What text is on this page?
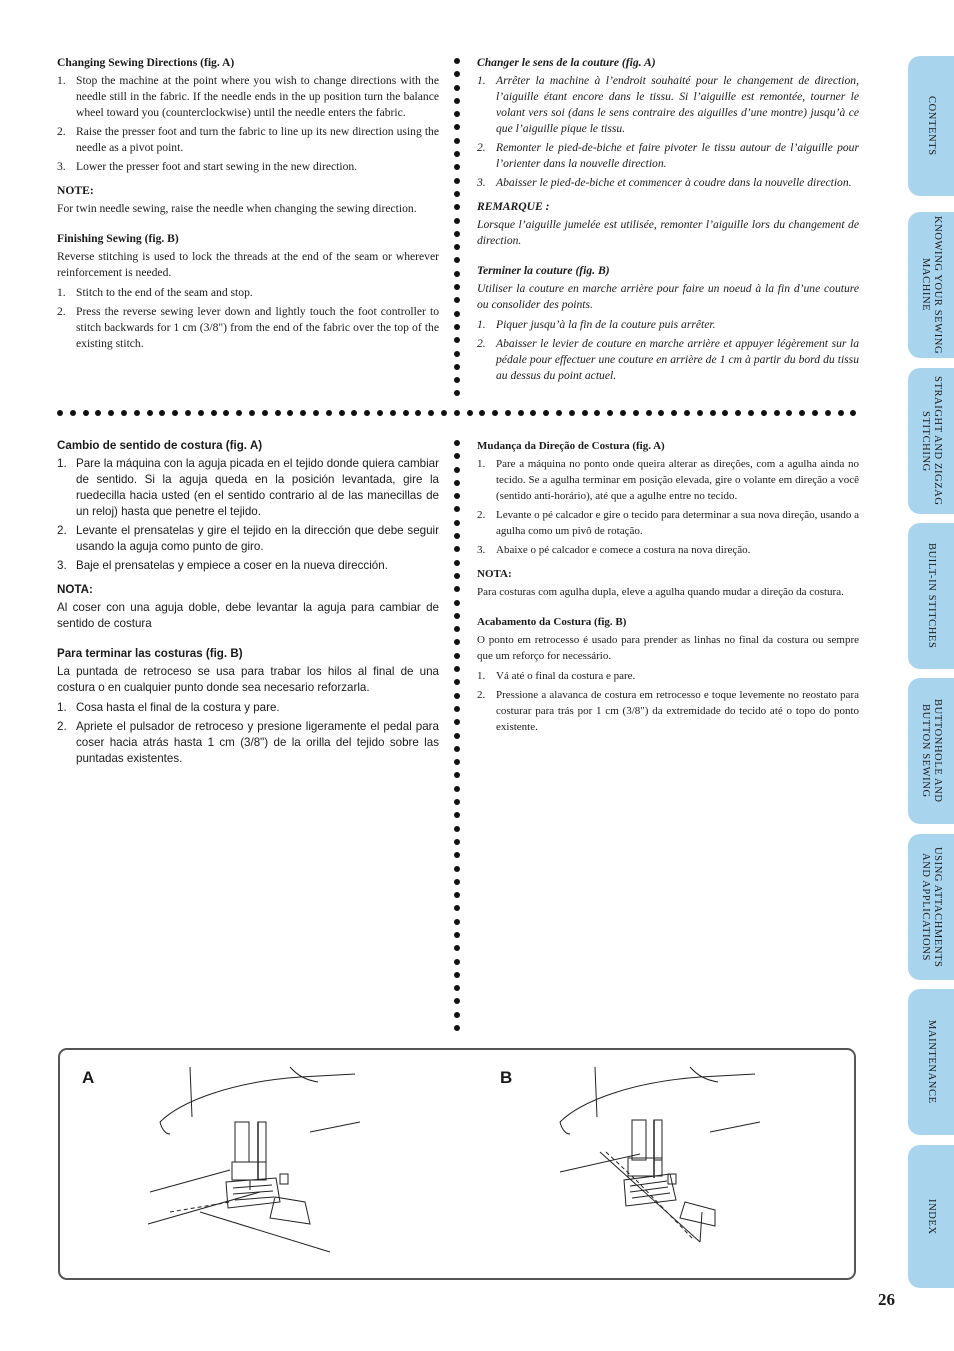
Changing Sewing Directions (fig. A)
1. Stop the machine at the point where you wish to change directions with the needle still in the fabric. If the needle ends in the up position turn the balance wheel toward you (counterclockwise) until the needle enters the fabric.
2. Raise the presser foot and turn the fabric to line up its new direction using the needle as a pivot point.
3. Lower the presser foot and start sewing in the new direction.
NOTE:

For twin needle sewing, raise the needle when changing the sewing direction.

Finishing Sewing (fig. B)

Reverse stitching is used to lock the threads at the end of the seam or wherever reinforcement is needed.

1. Stitch to the end of the seam and stop.
2. Press the reverse sewing lever down and lightly touch the foot controller to stitch backwards for 1 cm (3/8") from the end of the fabric over the top of the existing stitch.
Changer le sens de la couture (fig. A)
1. Arrêter la machine à l’endroit souhaité pour le changement de direction, l’aiguille étant encore dans le tissu. Si l’aiguille est remontée, tourner le volant vers soi (dans le sens contraire des aiguilles d’une montre) jusqu’à ce que l’aiguille pique le tissu.
2. Remonter le pied-de-biche et faire pivoter le tissu autour de l’aiguille pour l’orienter dans la nouvelle direction.
3. Abaisser le pied-de-biche et commencer à coudre dans la nouvelle direction.
REMARQUE :

Lorsque l’aiguille jumelée est utilisée, remonter l’aiguille lors du changement de direction.

Terminer la couture (fig. B)

Utiliser la couture en marche arrière pour faire un noeud à la fin d’une couture ou consolider des points.

1. Piquer jusqu’à la fin de la couture puis arrêter.
2. Abaisser le levier de couture en marche arrière et appuyer légèrement sur la pédale pour effectuer une couture en arrière de 1 cm à partir du bord du tissu au dessus du point actuel.
Cambio de sentido de costura (fig. A)
1. Pare la máquina con la aguja picada en el tejido donde quiera cambiar de sentido. Si la aguja queda en la posición levantada, gire la ruedecilla hacia usted (en el sentido contrario al de las manecillas de un reloj) hasta que penetre el tejido.
2. Levante el prensatelas y gire el tejido en la dirección que debe seguir usando la aguja como punto de giro.
3. Baje el prensatelas y empiece a coser en la nueva dirección.
NOTA:

Al coser con una aguja doble, debe levantar la aguja para cambiar de sentido de costura

Para terminar las costuras (fig. B)

La puntada de retroceso se usa para trabar los hilos al final de una costura o en cualquier punto donde sea necesario reforzarla.

1. Cosa hasta el final de la costura y pare.
2. Apriete el pulsador de retroceso y presione ligeramente el pedal para coser hacia atrás hasta 1 cm (3/8") de la orilla del tejido sobre las puntadas existentes.
Mudança da Direção de Costura (fig. A)
1. Pare a máquina no ponto onde queira alterar as direções, com a agulha ainda no tecido. Se a agulha terminar em posição elevada, gire o volante em direção a você (sentido anti-horário), até que a agulhe entre no tecido.
2. Levante o pé calcador e gire o tecido para determinar a sua nova direção, usando a agulha como um pivô de rotação.
3. Abaixe o pé calcador e comece a costura na nova direção.
NOTA:

Para costuras com agulha dupla, eleve a agulha quando mudar a direção da costura.

Acabamento da Costura (fig. B)

O ponto em retrocesso é usado para prender as linhas no final da costura ou sempre que um reforço for necessário.

1. Vá até o final da costura e pare.
2. Pressione a alavanca de costura em retrocesso e toque levemente no reostato para costurar para trás por 1 cm (3/8") da extremidade do tecido até o topo do ponto existente.
A	B
CONTENTS
KNOWING YOUR SEWING MACHINE
STRAIGHT AND ZIGZAG STITCHING
BUILT-IN STITCHES
BUTTONHOLE AND BUTTON SEWING
USING ATTACHMENTS AND APPLICATIONS
MAINTENANCE
INDEX
26
